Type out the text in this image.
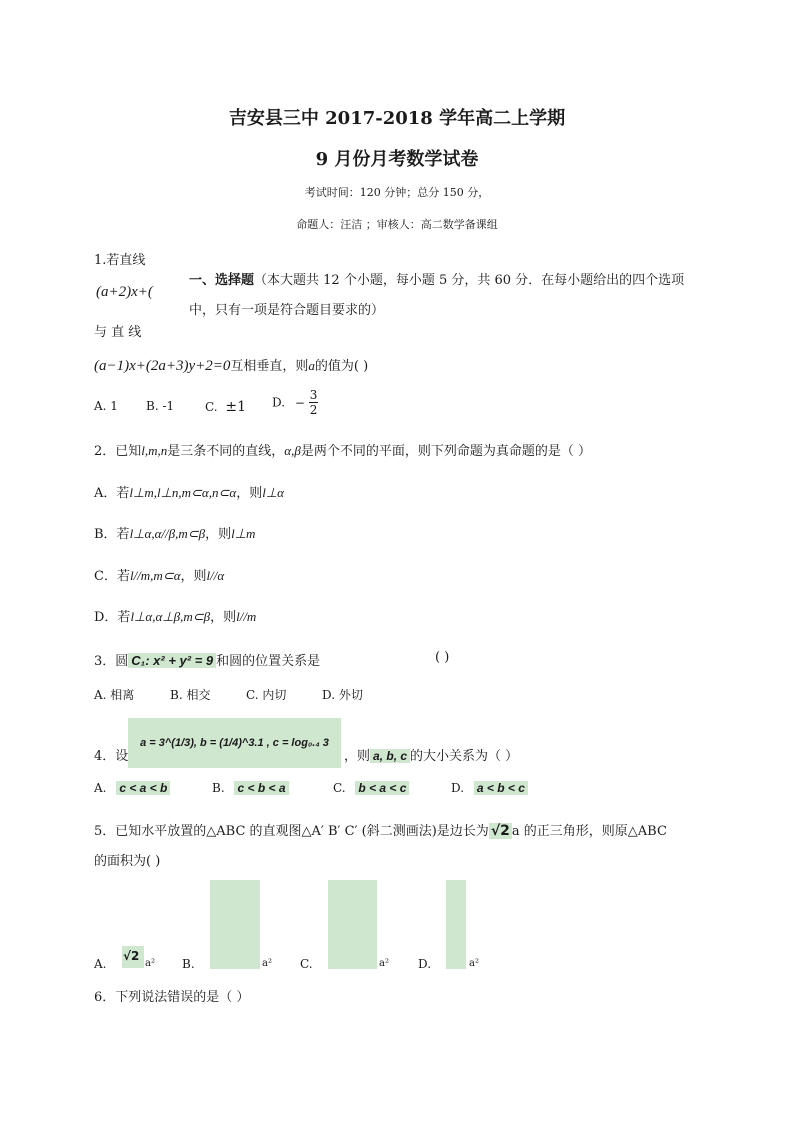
吉安县三中 2017-2018 学年高二上学期
9 月份月考数学试卷
考试时间：120 分钟；总分 150 分，
命题人：汪洁 ；审核人：高二数学备课组
1.若直线
(a+2)x+(
与 直 线
一、选择题（本大题共 12 个小题，每小题 5 分，共 60 分．在每小题给出的四个选项
中，只有一项是符合题目要求的）
(a−1)x+(2a+3)y+2=0互相垂直，则a的值为( )
A. 1 B. -1	C. ±1 D. − $\frac{3}{2}$
2．已知l,m,n是三条不同的直线，α,β是两个不同的平面，则下列命题为真命题的是（ ）
A．若l⊥m,l⊥n,m⊂α,n⊂α，则l⊥α
B．若l⊥α,α//β,m⊂β，则l⊥m
C．若l//m,m⊂α，则l//α
D．若l⊥α,α⊥β,m⊂β，则l//m
3．圆 C₁: x² + y² = 9 和圆的位置关系是	( )
A. 相离	B. 相交	C. 内切	D. 外切
4．设
a = 3^(1/3), b = (1/4)^3.1 , c = log₀.₄ 3
，则 a, b, c 的大小关系为（ ）
A. c < a < b	B. c < b < a	C. b < a < c	D. a < b < c
5．已知水平放置的△ABC 的直观图△A′ B′ C′ (斜二测画法)是边长为 √2 a 的正三角形，则原△ABC
的面积为( )
A.
√2
a² B.	a² C.	a² D.	a²
6．下列说法错误的是（ ）
